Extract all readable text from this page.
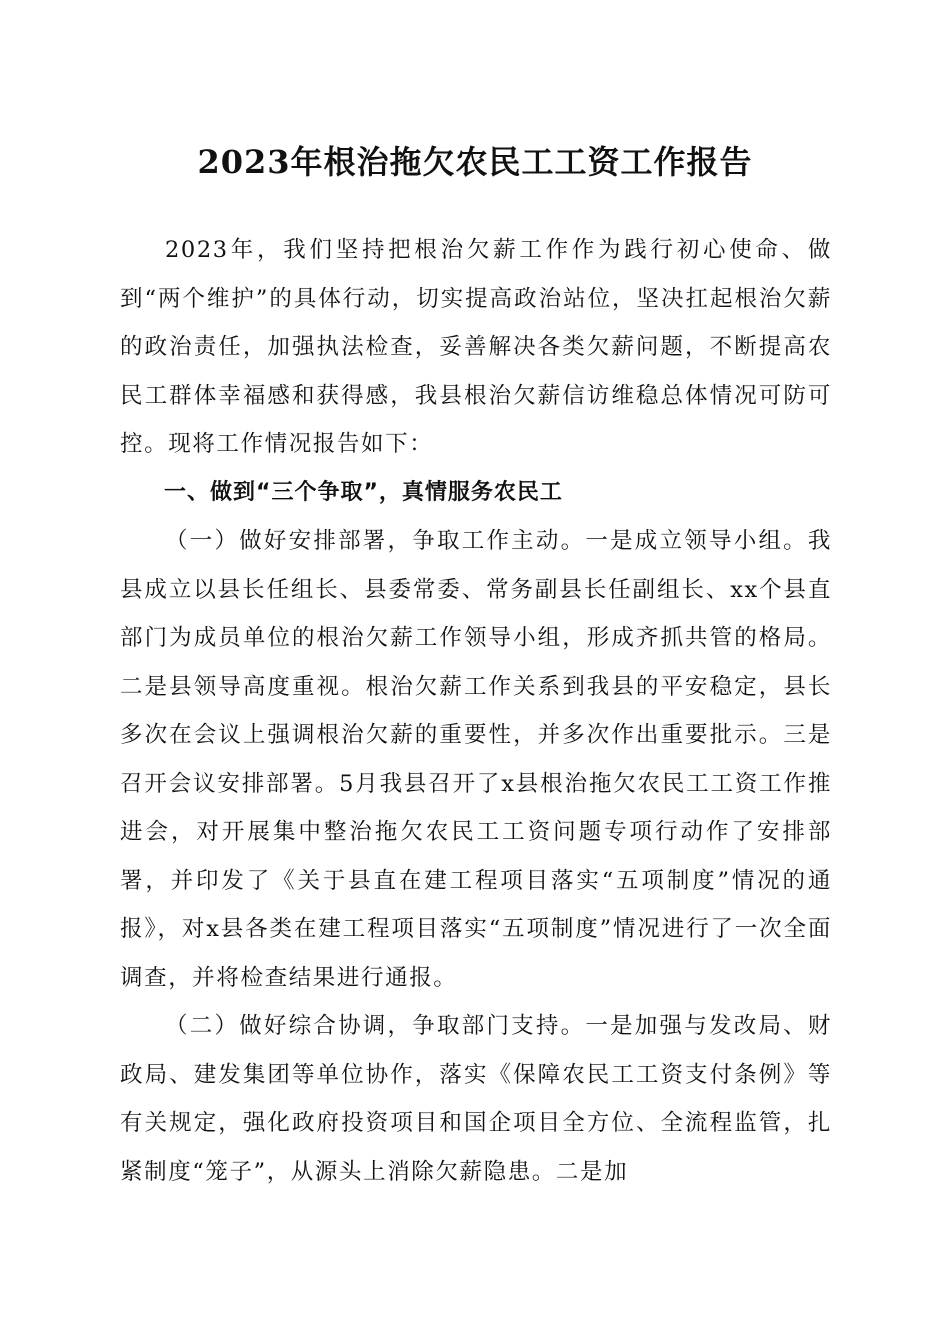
2023年根治拖欠农民工工资工作报告

2023年，我们坚持把根治欠薪工作作为践行初心使命、做到“两个维护”的具体行动，切实提高政治站位，坚决扛起根治欠薪的政治责任，加强执法检查，妥善解决各类欠薪问题，不断提高农民工群体幸福感和获得感，我县根治欠薪信访维稳总体情况可防可控。现将工作情况报告如下：

一、做到“三个争取”，真情服务农民工

（一）做好安排部署，争取工作主动。一是成立领导小组。我县成立以县长任组长、县委常委、常务副县长任副组长、xx个县直部门为成员单位的根治欠薪工作领导小组，形成齐抓共管的格局。二是县领导高度重视。根治欠薪工作关系到我县的平安稳定，县长多次在会议上强调根治欠薪的重要性，并多次作出重要批示。三是召开会议安排部署。5月我县召开了x县根治拖欠农民工工资工作推进会，对开展集中整治拖欠农民工工资问题专项行动作了安排部署，并印发了《关于县直在建工程项目落实“五项制度”情况的通报》，对x县各类在建工程项目落实“五项制度”情况进行了一次全面调查，并将检查结果进行通报。

（二）做好综合协调，争取部门支持。一是加强与发改局、财政局、建发集团等单位协作，落实《保障农民工工资支付条例》等有关规定，强化政府投资项目和国企项目全方位、全流程监管，扎紧制度“笼子”，从源头上消除欠薪隐患。二是加
